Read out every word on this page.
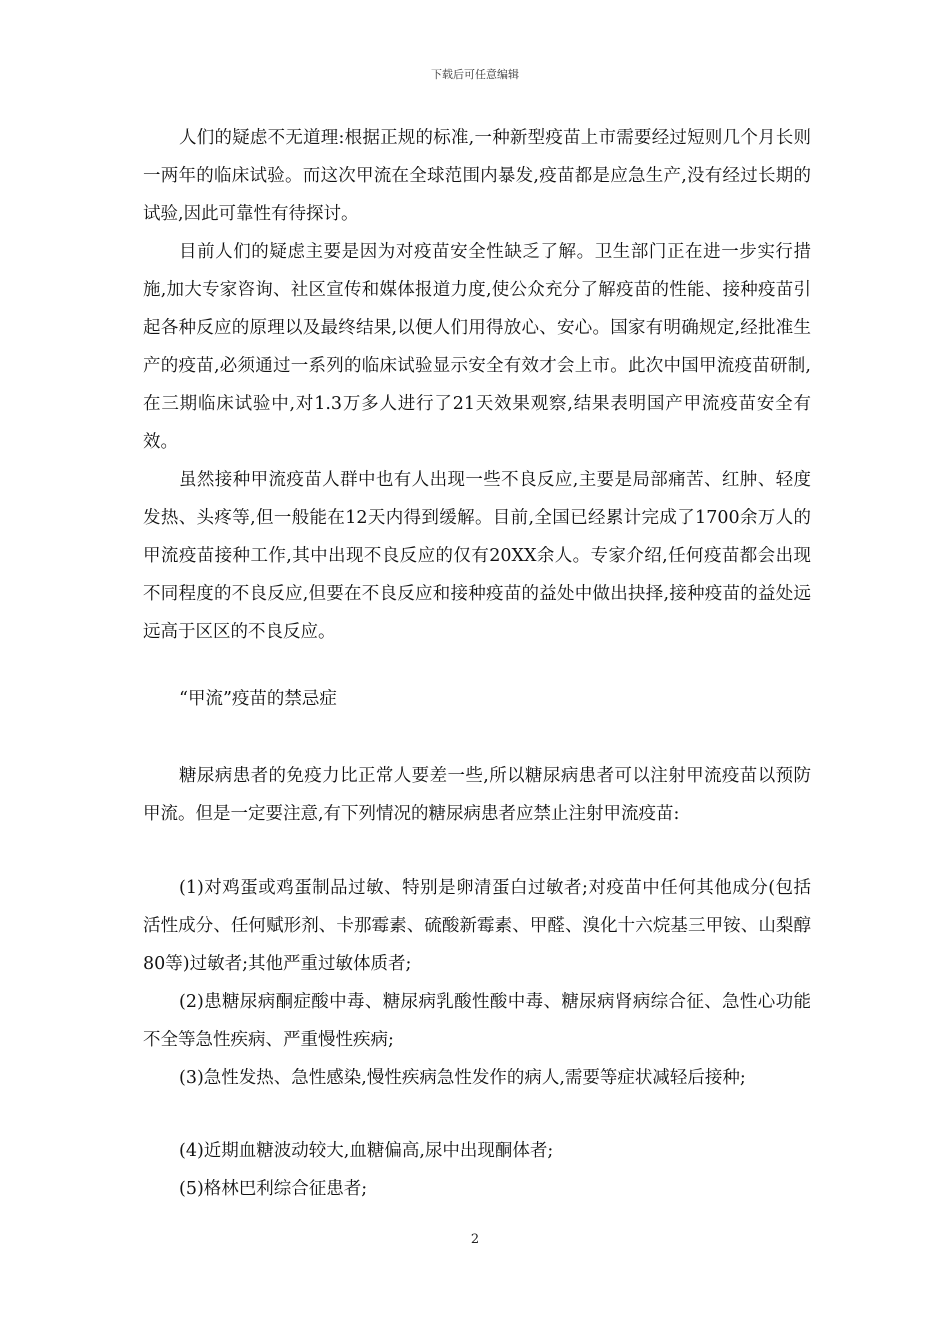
下载后可任意编辑

人们的疑虑不无道理:根据正规的标准,一种新型疫苗上市需要经过短则几个月长则一两年的临床试验。而这次甲流在全球范围内暴发,疫苗都是应急生产,没有经过长期的试验,因此可靠性有待探讨。

目前人们的疑虑主要是因为对疫苗安全性缺乏了解。卫生部门正在进一步实行措施,加大专家咨询、社区宣传和媒体报道力度,使公众充分了解疫苗的性能、接种疫苗引起各种反应的原理以及最终结果,以便人们用得放心、安心。国家有明确规定,经批准生产的疫苗,必须通过一系列的临床试验显示安全有效才会上市。此次中国甲流疫苗研制,在三期临床试验中,对1.3万多人进行了21天效果观察,结果表明国产甲流疫苗安全有效。

虽然接种甲流疫苗人群中也有人出现一些不良反应,主要是局部痛苦、红肿、轻度发热、头疼等,但一般能在12天内得到缓解。目前,全国已经累计完成了1700余万人的甲流疫苗接种工作,其中出现不良反应的仅有20XX余人。专家介绍,任何疫苗都会出现不同程度的不良反应,但要在不良反应和接种疫苗的益处中做出抉择,接种疫苗的益处远远高于区区的不良反应。

“甲流”疫苗的禁忌症

糖尿病患者的免疫力比正常人要差一些,所以糖尿病患者可以注射甲流疫苗以预防甲流。但是一定要注意,有下列情况的糖尿病患者应禁止注射甲流疫苗:

(1)对鸡蛋或鸡蛋制品过敏、特别是卵清蛋白过敏者;对疫苗中任何其他成分(包括活性成分、任何赋形剂、卡那霉素、硫酸新霉素、甲醛、溴化十六烷基三甲铵、山梨醇80等)过敏者;其他严重过敏体质者;

(2)患糖尿病酮症酸中毒、糖尿病乳酸性酸中毒、糖尿病肾病综合征、急性心功能不全等急性疾病、严重慢性疾病;

(3)急性发热、急性感染,慢性疾病急性发作的病人,需要等症状减轻后接种;

(4)近期血糖波动较大,血糖偏高,尿中出现酮体者;

(5)格林巴利综合征患者;

2
